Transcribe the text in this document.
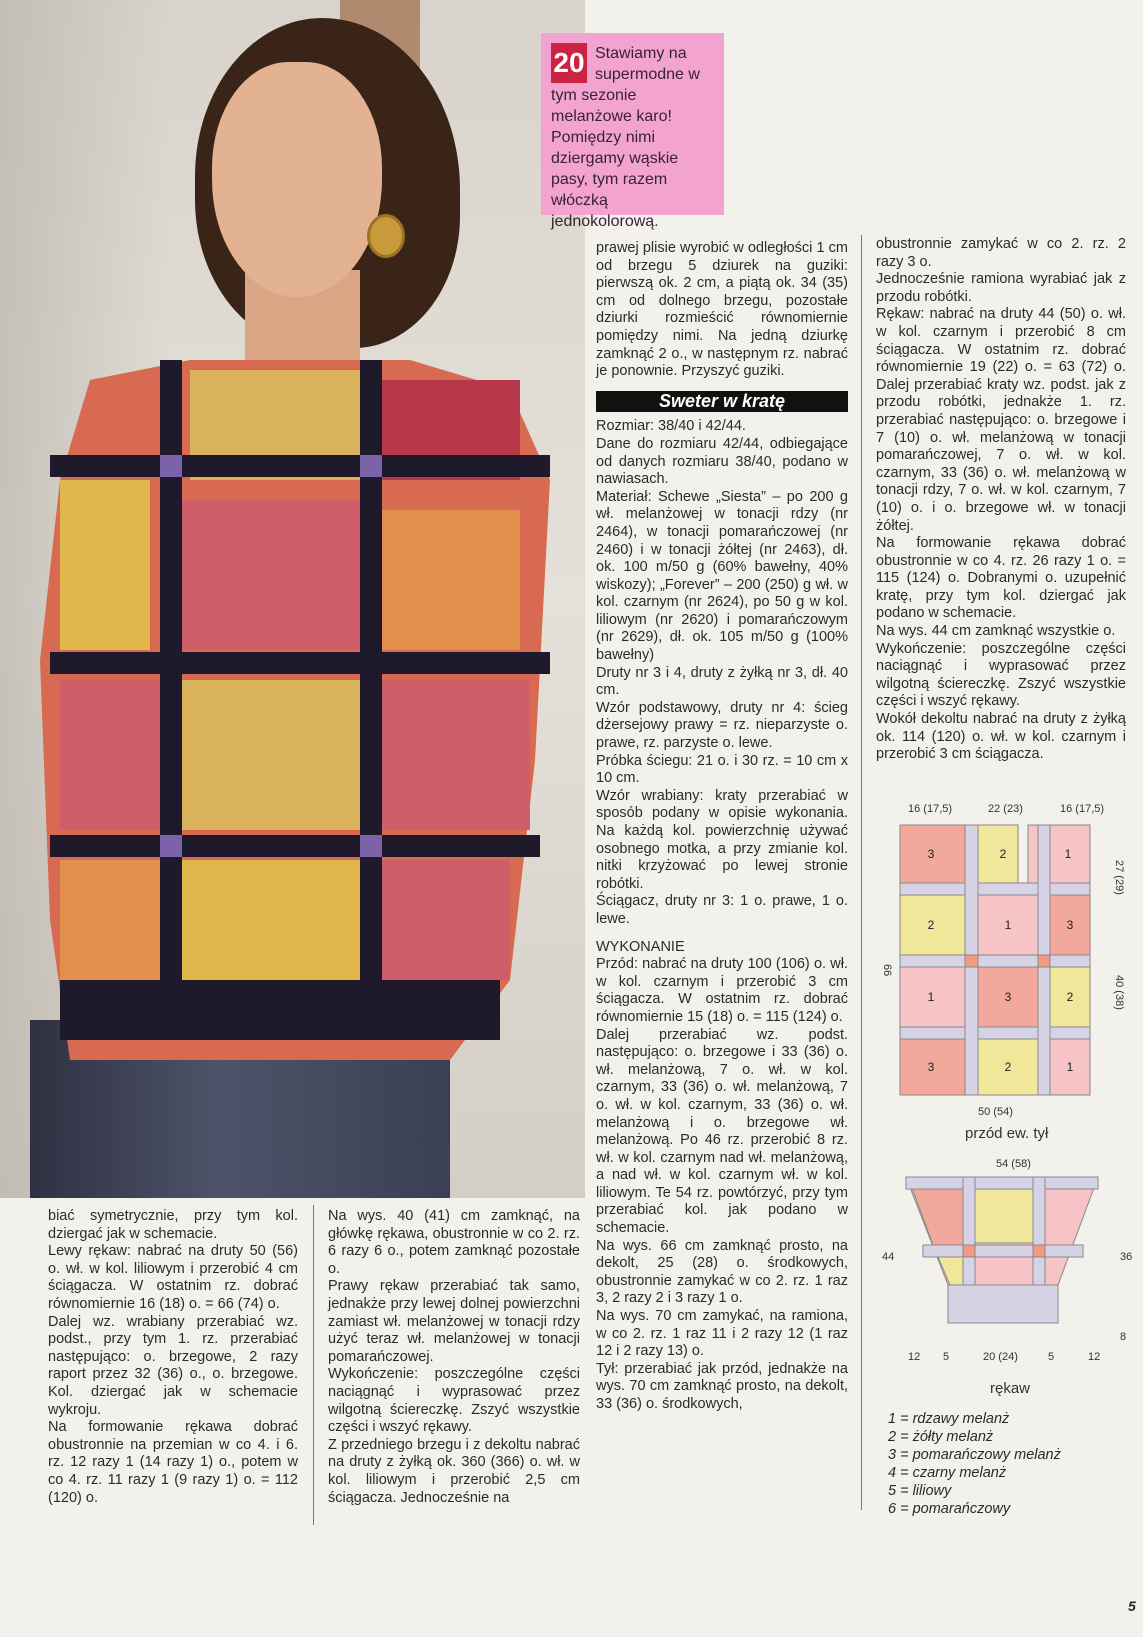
20 Stawiamy na supermodne w tym sezonie melanżowe karo! Pomiędzy nimi dziergamy wąskie pasy, tym razem włóczką jednokolorową.

prawej plisie wyrobić w odległości 1 cm od brzegu 5 dziurek na guziki: pierwszą ok. 2 cm, a piątą ok. 34 (35) cm od dolnego brzegu, pozostałe dziurki rozmieścić równomiernie pomiędzy nimi. Na jedną dziurkę zamknąć 2 o., w następnym rz. nabrać je ponownie. Przyszyć guziki.

Sweter w kratę

Rozmiar: 38/40 i 42/44.

Dane do rozmiaru 42/44, odbiegające od danych rozmiaru 38/40, podano w nawiasach.

Materiał: Schewe „Siesta” – po 200 g wł. melanżowej w tonacji rdzy (nr 2464), w tonacji pomarańczowej (nr 2460) i w tonacji żółtej (nr 2463), dł. ok. 100 m/50 g (60% bawełny, 40% wiskozy); „Forever” – 200 (250) g wł. w kol. czarnym (nr 2624), po 50 g w kol. liliowym (nr 2620) i pomarańczowym (nr 2629), dł. ok. 105 m/50 g (100% bawełny)

Druty nr 3 i 4, druty z żyłką nr 3, dł. 40 cm.

Wzór podstawowy, druty nr 4: ścieg dżersejowy prawy = rz. nieparzyste o. prawe, rz. parzyste o. lewe.

Próbka ściegu: 21 o. i 30 rz. = 10 cm x 10 cm.

Wzór wrabiany: kraty przerabiać w sposób podany w opisie wykonania. Na każdą kol. powierzchnię używać osobnego motka, a przy zmianie kol. nitki krzyżować po lewej stronie robótki.

Ściągacz, druty nr 3: 1 o. prawe, 1 o. lewe.

WYKONANIE

Przód: nabrać na druty 100 (106) o. wł. w kol. czarnym i przerobić 3 cm ściągacza. W ostatnim rz. dobrać równomiernie 15 (18) o. = 115 (124) o.

Dalej przerabiać wz. podst. następująco: o. brzegowe i 33 (36) o. wł. melanżową, 7 o. wł. w kol. czarnym, 33 (36) o. wł. melanżową, 7 o. wł. w kol. czarnym, 33 (36) o. wł. melanżową i o. brzegowe wł. melanżową. Po 46 rz. przerobić 8 rz. wł. w kol. czarnym nad wł. melanżową, a nad wł. w kol. czarnym wł. w kol. liliowym. Te 54 rz. powtórzyć, przy tym przerabiać kol. jak podano w schemacie.

Na wys. 66 cm zamknąć prosto, na dekolt, 25 (28) o. środkowych, obustronnie zamykać w co 2. rz. 1 raz 3, 2 razy 2 i 3 razy 1 o.

Na wys. 70 cm zamykać, na ramiona, w co 2. rz. 1 raz 11 i 2 razy 12 (1 raz 12 i 2 razy 13) o.

Tył: przerabiać jak przód, jednakże na wys. 70 cm zamknąć prosto, na dekolt, 33 (36) o. środkowych,

obustronnie zamykać w co 2. rz. 2 razy 3 o.

Jednocześnie ramiona wyrabiać jak z przodu robótki.

Rękaw: nabrać na druty 44 (50) o. wł. w kol. czarnym i przerobić 8 cm ściągacza. W ostatnim rz. dobrać równomiernie 19 (22) o. = 63 (72) o. Dalej przerabiać kraty wz. podst. jak z przodu robótki, jednakże 1. rz. przerabiać następująco: o. brzegowe i 7 (10) o. wł. melanżową w tonacji pomarańczowej, 7 o. wł. w kol. czarnym, 33 (36) o. wł. melanżową w tonacji rdzy, 7 o. wł. w kol. czarnym, 7 (10) o. i o. brzegowe wł. w tonacji żółtej.

Na formowanie rękawa dobrać obustronnie w co 4. rz. 26 razy 1 o. = 115 (124) o. Dobranymi o. uzupełnić kratę, przy tym kol. dziergać jak podano w schemacie.

Na wys. 44 cm zamknąć wszystkie o.

Wykończenie: poszczególne części naciągnąć i wyprasować przez wilgotną ściereczkę. Zszyć wszystkie części i wszyć rękawy.

Wokół dekoltu nabrać na druty z żyłką ok. 114 (120) o. wł. w kol. czarnym i przerobić 3 cm ściągacza.

16 (17,5)	22 (23)	16 (17,5)
50 (54)
66
27 (29)
40 (38)
3	2	1
2	1	3
1	3	2
3	2	1
przód ew. tył
54 (58)
44	36
8
12 5	20 (24)	5	12
rękaw
1 = rdzawy melanż
2 = żółty melanż
3 = pomarańczowy melanż
4 = czarny melanż
5 = liliowy
6 = pomarańczowy

biać symetrycznie, przy tym kol. dziergać jak w schemacie.

Lewy rękaw: nabrać na druty 50 (56) o. wł. w kol. liliowym i przerobić 4 cm ściągacza. W ostatnim rz. dobrać równomiernie 16 (18) o. = 66 (74) o.

Dalej wz. wrabiany przerabiać wz. podst., przy tym 1. rz. przerabiać następująco: o. brzegowe, 2 razy raport przez 32 (36) o., o. brzegowe. Kol. dziergać jak w schemacie wykroju.

Na formowanie rękawa dobrać obustronnie na przemian w co 4. i 6. rz. 12 razy 1 (14 razy 1) o., potem w co 4. rz. 11 razy 1 (9 razy 1) o. = 112 (120) o.

Na wys. 40 (41) cm zamknąć, na główkę rękawa, obustronnie w co 2. rz. 6 razy 6 o., potem zamknąć pozostałe o.

Prawy rękaw przerabiać tak samo, jednakże przy lewej dolnej powierzchni zamiast wł. melanżowej w tonacji rdzy użyć teraz wł. melanżowej w tonacji pomarańczowej.

Wykończenie: poszczególne części naciągnąć i wyprasować przez wilgotną ściereczkę. Zszyć wszystkie części i wszyć rękawy.

Z przedniego brzegu i z dekoltu nabrać na druty z żyłką ok. 360 (366) o. wł. w kol. liliowym i przerobić 2,5 cm ściągacza. Jednocześnie na

5
